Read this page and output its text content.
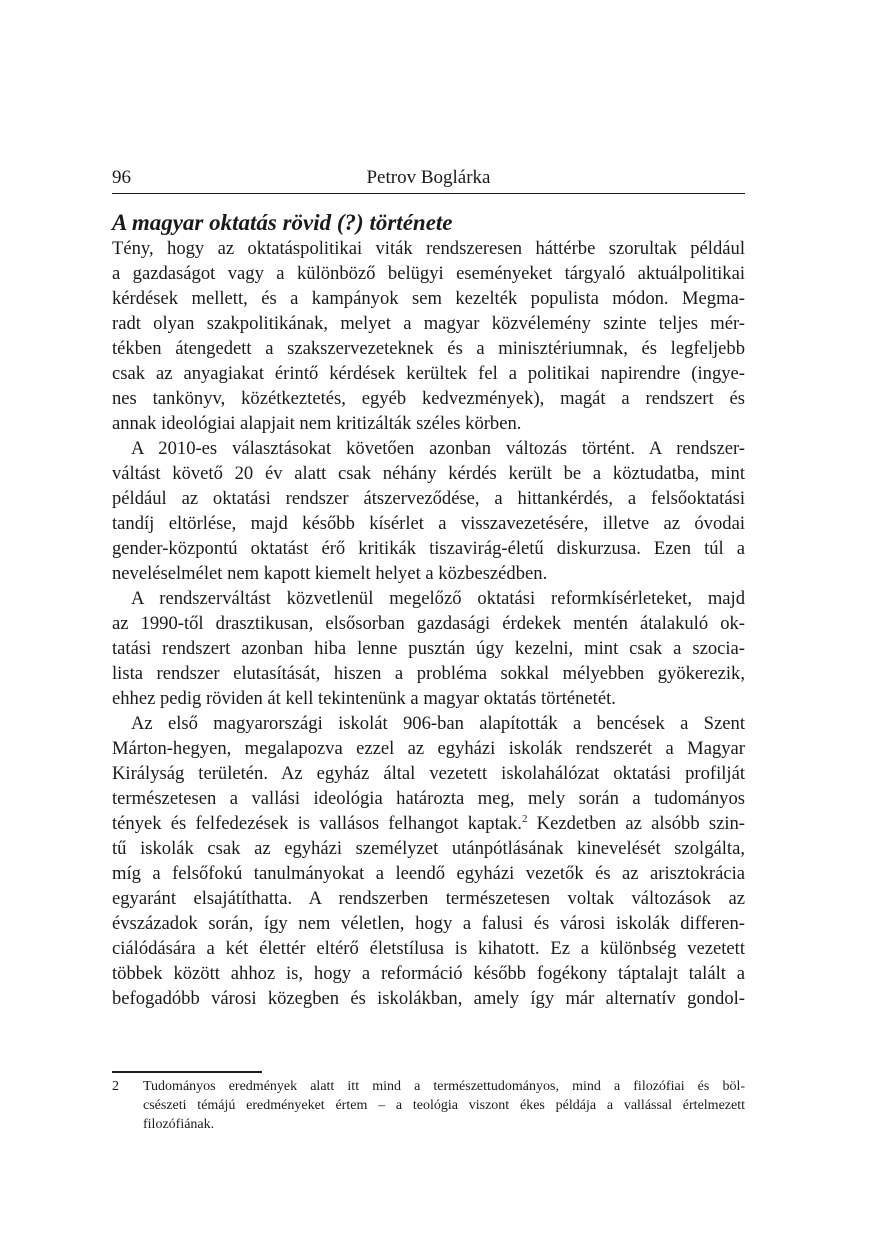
96	Petrov Boglárka
A magyar oktatás rövid (?) története
Tény, hogy az oktatáspolitikai viták rendszeresen háttérbe szorultak például
a gazdaságot vagy a különböző belügyi eseményeket tárgyaló aktuálpolitikai
kérdések mellett, és a kampányok sem kezelték populista módon. Megma-
radt olyan szakpolitikának, melyet a magyar közvélemény szinte teljes mér-
tékben átengedett a szakszervezeteknek és a minisztériumnak, és legfeljebb
csak az anyagiakat érintő kérdések kerültek fel a politikai napirendre (ingye-
nes tankönyv, közétkeztetés, egyéb kedvezmények), magát a rendszert és
annak ideológiai alapjait nem kritizálták széles körben.
A 2010-es választásokat követően azonban változás történt. A rendszer-
váltást követő 20 év alatt csak néhány kérdés került be a köztudatba, mint
például az oktatási rendszer átszerveződése, a hittankérdés, a felsőoktatási
tandíj eltörlése, majd később kísérlet a visszavezetésére, illetve az óvodai
gender-központú oktatást érő kritikák tiszavirág-életű diskurzusa. Ezen túl a
neveléselmélet nem kapott kiemelt helyet a közbeszédben.
A rendszerváltást közvetlenül megelőző oktatási reformkísérleteket, majd
az 1990-től drasztikusan, elsősorban gazdasági érdekek mentén átalakuló ok-
tatási rendszert azonban hiba lenne pusztán úgy kezelni, mint csak a szocia-
lista rendszer elutasítását, hiszen a probléma sokkal mélyebben gyökerezik,
ehhez pedig röviden át kell tekintenünk a magyar oktatás történetét.
Az első magyarországi iskolát 906-ban alapították a bencések a Szent
Márton-hegyen, megalapozva ezzel az egyházi iskolák rendszerét a Magyar
Királyság területén. Az egyház által vezetett iskolahálózat oktatási profilját
természetesen a vallási ideológia határozta meg, mely során a tudományos
tények és felfedezések is vallásos felhangot kaptak.$^2$ Kezdetben az alsóbb szin-
tű iskolák csak az egyházi személyzet utánpótlásának kinevelését szolgálta,
míg a felsőfokú tanulmányokat a leendő egyházi vezetők és az arisztokrácia
egyaránt elsajátíthatta. A rendszerben természetesen voltak változások az
évszázadok során, így nem véletlen, hogy a falusi és városi iskolák differen-
ciálódására a két élettér eltérő életstílusa is kihatott. Ez a különbség vezetett
többek között ahhoz is, hogy a reformáció később fogékony táptalajt talált a
befogadóbb városi közegben és iskolákban, amely így már alternatív gondol-
2 Tudományos eredmények alatt itt mind a természettudományos, mind a filozófiai és böl-
csészeti témájú eredményeket értem – a teológia viszont ékes példája a vallással értelmezett
filozófiának.
